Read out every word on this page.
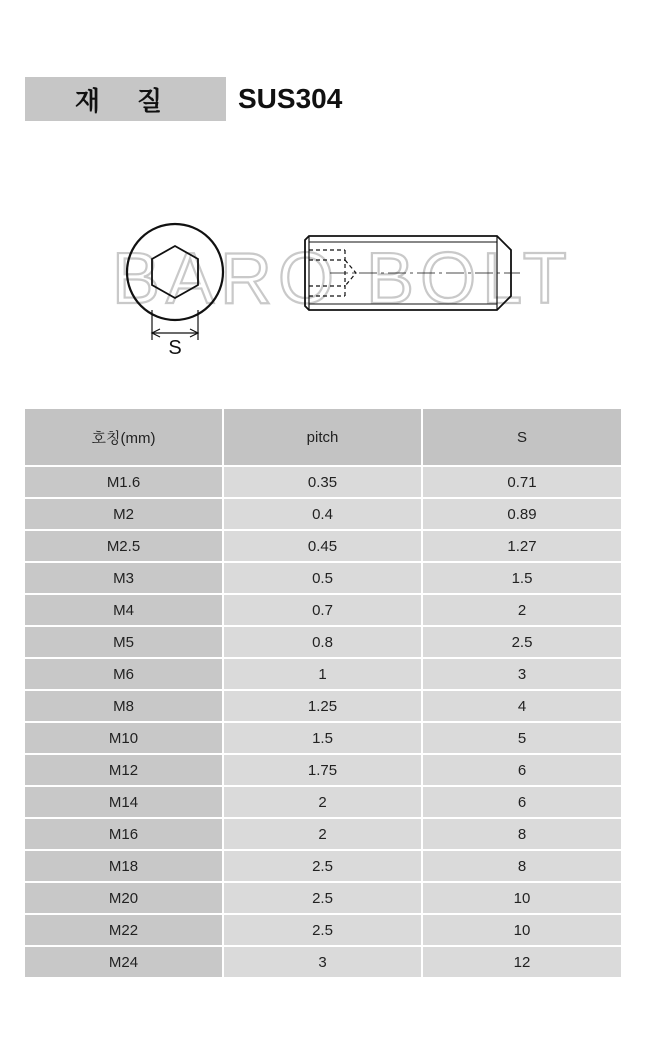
재 질	SUS304
BARO BOLT
S
호칭(mm)	pitch	S
M1.6	0.35	0.71
M2	0.4	0.89
M2.5	0.45	1.27
M3	0.5	1.5
M4	0.7	2
M5	0.8	2.5
M6	1	3
M8	1.25	4
M10	1.5	5
M12	1.75	6
M14	2	6
M16	2	8
M18	2.5	8
M20	2.5	10
M22	2.5	10
M24	3	12
